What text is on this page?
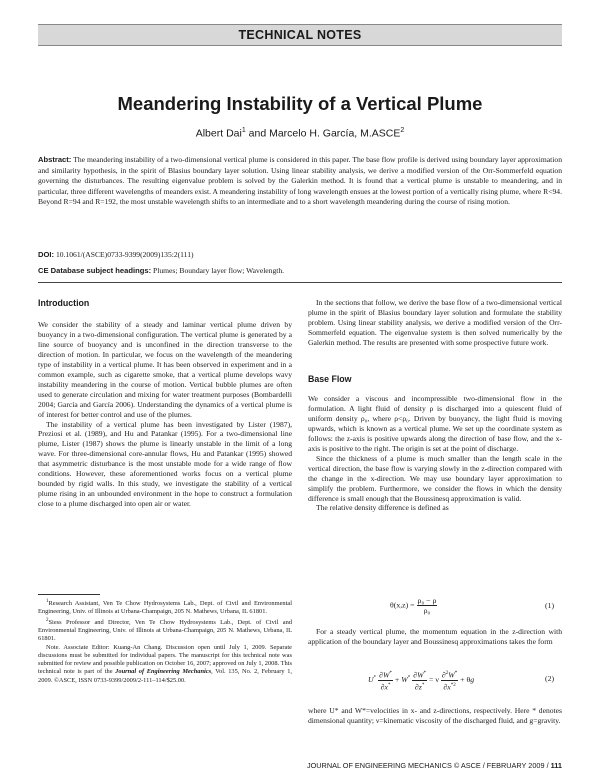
TECHNICAL NOTES
Meandering Instability of a Vertical Plume
Albert Dai$^1$ and Marcelo H. García, M.ASCE$^2$
Abstract: The meandering instability of a two-dimensional vertical plume is considered in this paper. The base flow profile is derived using boundary layer approximation and similarity hypothesis, in the spirit of Blasius boundary layer solution. Using linear stability analysis, we derive a modified version of the Orr-Sommerfeld equation governing the disturbances. The resulting eigenvalue problem is solved by the Galerkin method. It is found that a vertical plume is unstable to meandering, and in particular, three different wavelengths of meanders exist. A meandering instability of long wavelength ensues at the lowest portion of a vertically rising plume, where R<94. Beyond R=94 and R=192, the most unstable wavelength shifts to an intermediate and to a short wavelength meandering during the course of rising motion.
DOI: 10.1061/(ASCE)0733-9399(2009)135:2(111)
CE Database subject headings: Plumes; Boundary layer flow; Wavelength.
Introduction

We consider the stability of a steady and laminar vertical plume driven by buoyancy in a two-dimensional configuration. The vertical plume is generated by a line source of buoyancy and is unconfined in the direction transverse to the direction of motion. In particular, we focus on the wavelength of the meandering type of instability in a vertical plume. It has been observed in experiment and in a common example, such as cigarette smoke, that a vertical plume develops wavy instability meandering in the course of motion. Vertical bubble plumes are often used to generate circulation and mixing for water treatment purposes (Bombardelli 2004; García and García 2006). Understanding the dynamics of a vertical plume is of interest for better control and use of the plumes.

The instability of a vertical plume has been investigated by Lister (1987), Preziosi et al. (1989), and Hu and Patankar (1995). For a two-dimensional line plume, Lister (1987) shows the plume is linearly unstable in the limit of a long wave. For three-dimensional core-annular flows, Hu and Patankar (1995) showed that asymmetric disturbance is the most unstable mode for a wide range of flow conditions. However, these aforementioned works focus on a vertical plume bounded by rigid walls. In this study, we investigate the stability of a vertical plume rising in an unbounded environment in the hope to construct a formulation close to a plume discharged into open air or water.

$^1$Research Assistant, Ven Te Chow Hydrosystems Lab., Dept. of Civil and Environmental Engineering, Univ. of Illinois at Urbana-Champaign, 205 N. Mathews, Urbana, IL 61801.

$^2$Siess Professor and Director, Ven Te Chow Hydrosystems Lab., Dept. of Civil and Environmental Engineering, Univ. of Illinois at Urbana-Champaign, 205 N. Mathews, Urbana, IL 61801.

Note. Associate Editor: Kuang-An Chang. Discussion open until July 1, 2009. Separate discussions must be submitted for individual papers. The manuscript for this technical note was submitted for review and possible publication on October 16, 2007; approved on July 1, 2008. This technical note is part of the Journal of Engineering Mechanics, Vol. 135, No. 2, February 1, 2009. ©ASCE, ISSN 0733-9399/2009/2-111–114/$25.00.

In the sections that follow, we derive the base flow of a two-dimensional vertical plume in the spirit of Blasius boundary layer solution and formulate the stability problem. Using linear stability analysis, we derive a modified version of the Orr-Sommerfeld equation. The eigenvalue system is then solved numerically by the Galerkin method. The results are presented with some prospective future work.

Base Flow

We consider a viscous and incompressible two-dimensional flow in the formulation. A light fluid of density ρ is discharged into a quiescent fluid of uniform density ρ₀, where ρ<ρ₀. Driven by buoyancy, the light fluid is moving upwards, which is known as a vertical plume. We set up the coordinate system as follows: the z-axis is positive upwards along the direction of base flow, and the x-axis is positive to the right. The origin is set at the point of discharge.

Since the thickness of a plume is much smaller than the length scale in the vertical direction, the base flow is varying slowly in the z-direction compared with the change in the x-direction. We may use boundary layer approximation to simplify the problem. Furthermore, we consider the flows in which the density difference is small enough that the Boussinesq approximation is valid.

The relative density difference is defined as

$\theta(x,z) = \frac{\text{ρ₀ − ρ}}{\text{ρ₀}}$	(1)

For a steady vertical plume, the momentum equation in the z-direction with application of the boundary layer and Boussinesq approximations takes the form

$U^* \frac{\partial W^*}{\partial x^*} + W^* \frac{\partial W^*}{\partial z^*} = \nu \frac{\partial^2W^*}{\partial x^{*2}} + \theta g$	(2)

where U* and W*=velocities in x- and z-directions, respectively. Here * denotes dimensional quantity; ν=kinematic viscosity of the discharged fluid, and g=gravity.

JOURNAL OF ENGINEERING MECHANICS © ASCE / FEBRUARY 2009 / 111
